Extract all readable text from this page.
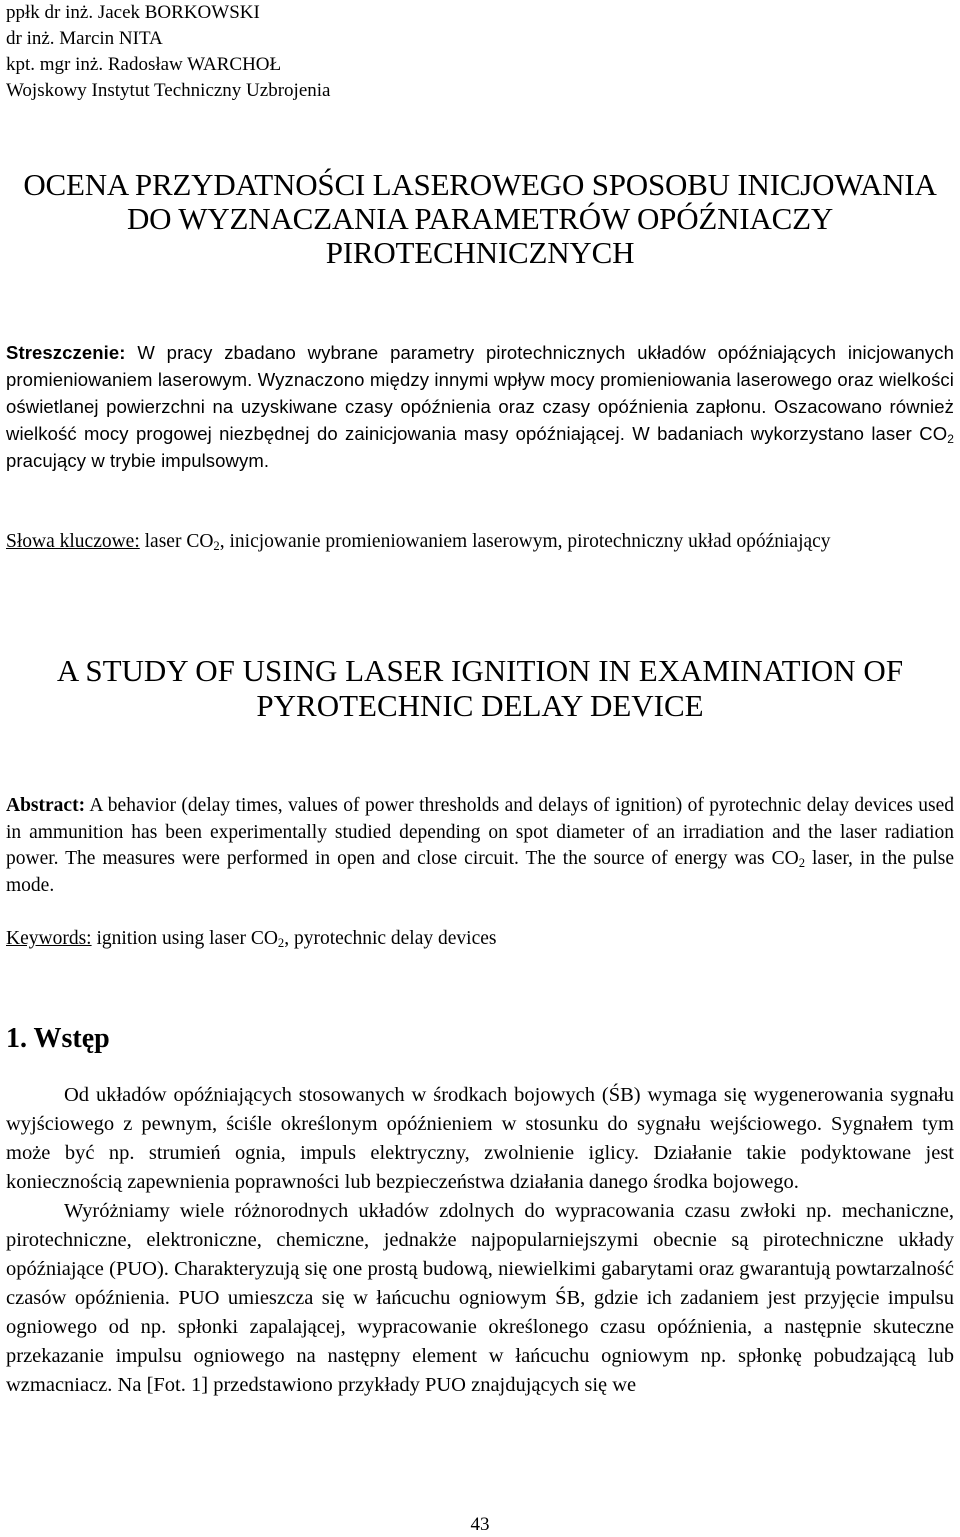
ppłk dr inż. Jacek BORKOWSKI
dr inż. Marcin NITA
kpt. mgr inż. Radosław WARCHOŁ
Wojskowy Instytut Techniczny Uzbrojenia
OCENA PRZYDATNOŚCI LASEROWEGO SPOSOBU INICJOWANIA
DO WYZNACZANIA PARAMETRÓW OPÓŹNIACZY
PIROTECHNICZNYCH
Streszczenie: W pracy zbadano wybrane parametry pirotechnicznych układów opóźniających inicjowanych promieniowaniem laserowym. Wyznaczono między innymi wpływ mocy promieniowania laserowego oraz wielkości oświetlanej powierzchni na uzyskiwane czasy opóźnienia oraz czasy opóźnienia zapłonu. Oszacowano również wielkość mocy progowej niezbędnej do zainicjowania masy opóźniającej. W badaniach wykorzystano laser $CO_2$ pracujący w trybie impulsowym.
Słowa kluczowe: laser $CO_2$, inicjowanie promieniowaniem laserowym, pirotechniczny układ opóźniający
A STUDY OF USING LASER IGNITION IN EXAMINATION OF
PYROTECHNIC DELAY DEVICE
Abstract: A behavior (delay times, values of power thresholds and delays of ignition) of pyrotechnic delay devices used in ammunition has been experimentally studied depending on spot diameter of an irradiation and the laser radiation power. The measures were performed in open and close circuit. The the source of energy was $CO_2$ laser, in the pulse mode.
Keywords: ignition using laser $CO_2$, pyrotechnic delay devices
1. Wstęp
Od układów opóźniających stosowanych w środkach bojowych (ŚB) wymaga się wygenerowania sygnału wyjściowego z pewnym, ściśle określonym opóźnieniem w stosunku do sygnału wejściowego. Sygnałem tym może być np. strumień ognia, impuls elektryczny, zwolnienie iglicy. Działanie takie podyktowane jest koniecznością zapewnienia poprawności lub bezpieczeństwa działania danego środka bojowego.
Wyróżniamy wiele różnorodnych układów zdolnych do wypracowania czasu zwłoki np. mechaniczne, pirotechniczne, elektroniczne, chemiczne, jednakże najpopularniejszymi obecnie są pirotechniczne układy opóźniające (PUO). Charakteryzują się one prostą budową, niewielkimi gabarytami oraz gwarantują powtarzalność czasów opóźnienia. PUO umieszcza się w łańcuchu ogniowym ŚB, gdzie ich zadaniem jest przyjęcie impulsu ogniowego od np. spłonki zapalającej, wypracowanie określonego czasu opóźnienia, a następnie skuteczne przekazanie impulsu ogniowego na następny element w łańcuchu ogniowym np. spłonkę pobudzającą lub wzmacniacz. Na [Fot. 1] przedstawiono przykłady PUO znajdujących się we
43
